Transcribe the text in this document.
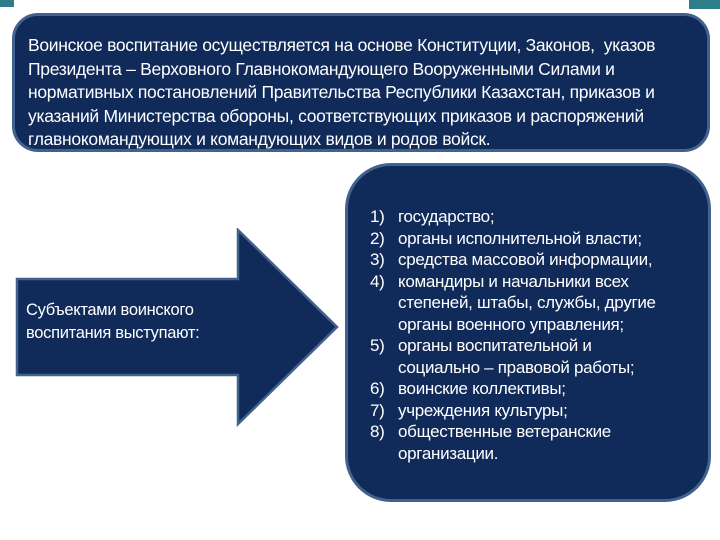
Воинское воспитание осуществляется на основе Конституции, Законов,  указов
Президента – Верховного Главнокомандующего Вооруженными Силами и
нормативных постановлений Правительства Республики Казахстан, приказов и
указаний Министерства обороны, соответствующих приказов и распоряжений
главнокомандующих и командующих видов и родов войск.
Субъектами воинского
воспитания выступают:
1) государство;
2) органы исполнительной власти;
3) средства массовой информации,
4) командиры и начальники всех степеней, штабы, службы, другие органы военного управления;
5) органы воспитательной и социально – правовой работы;
6) воинские коллективы;
7) учреждения культуры;
8) общественные ветеранские организации.
